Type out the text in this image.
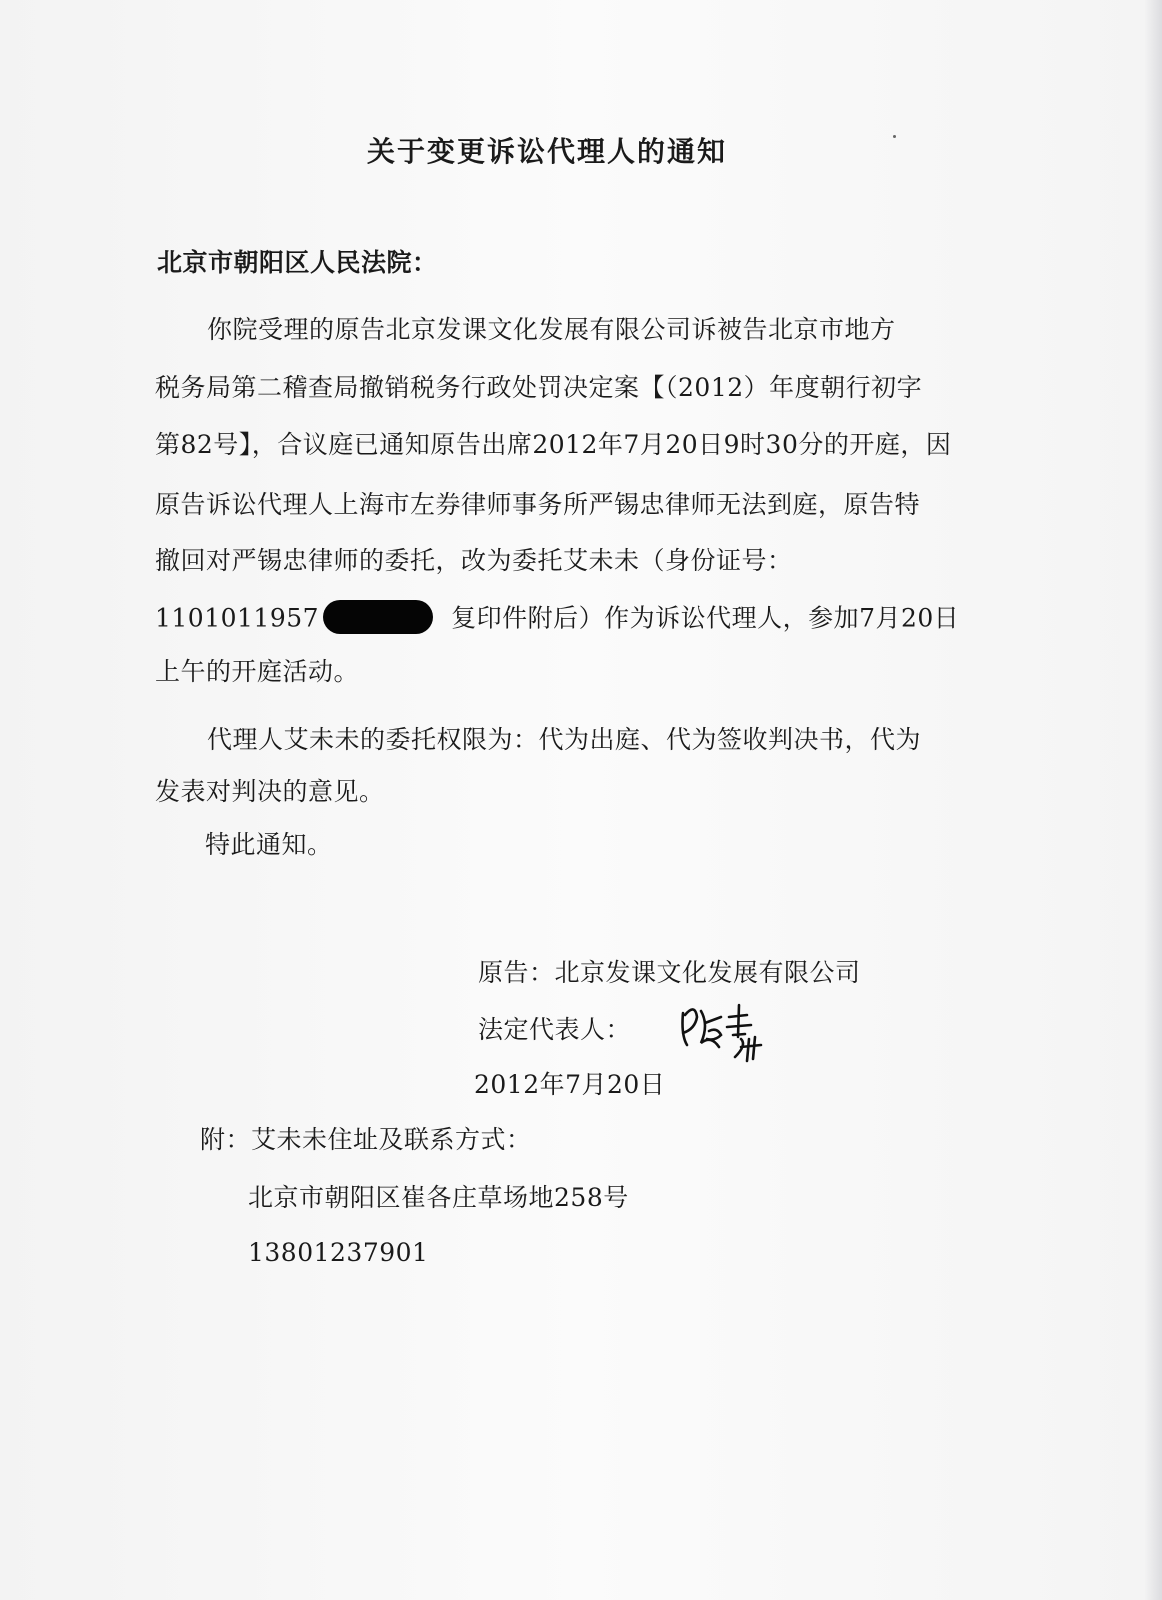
关于变更诉讼代理人的通知
北京市朝阳区人民法院：
你院受理的原告北京发课文化发展有限公司诉被告北京市地方
税务局第二稽查局撤销税务行政处罚决定案【（2012）年度朝行初字
第82号】，合议庭已通知原告出席2012年7月20日9时30分的开庭，因
原告诉讼代理人上海市左券律师事务所严锡忠律师无法到庭，原告特
撤回对严锡忠律师的委托，改为委托艾未未（身份证号：
1101011957	复印件附后）作为诉讼代理人，参加7月20日
上午的开庭活动。
代理人艾未未的委托权限为：代为出庭、代为签收判决书，代为
发表对判决的意见。
特此通知。
原告：北京发课文化发展有限公司
法定代表人：
2012年7月20日
附：艾未未住址及联系方式：
北京市朝阳区崔各庄草场地258号
13801237901
